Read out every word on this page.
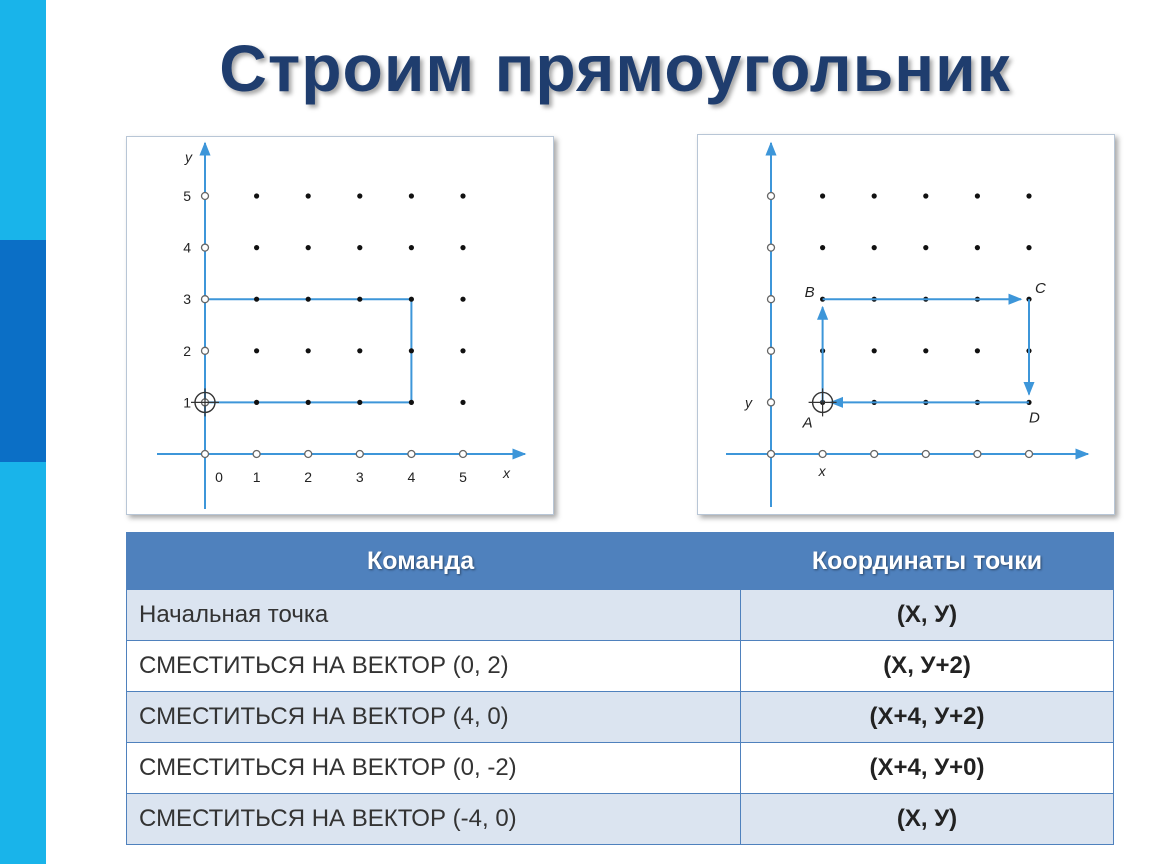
Строим прямоугольник
0 1	2	3	4	5
1
2
3
4
5
x
y
A
B	C
D
x
y
Команда	Координаты точки
Начальная точка	(Х, У)
СМЕСТИТЬСЯ НА ВЕКТОР (0, 2)	(Х, У+2)
СМЕСТИТЬСЯ НА ВЕКТОР (4, 0)	(Х+4, У+2)
СМЕСТИТЬСЯ НА ВЕКТОР (0, -2)	(Х+4, У+0)
СМЕСТИТЬСЯ НА ВЕКТОР (-4, 0)	(Х, У)
